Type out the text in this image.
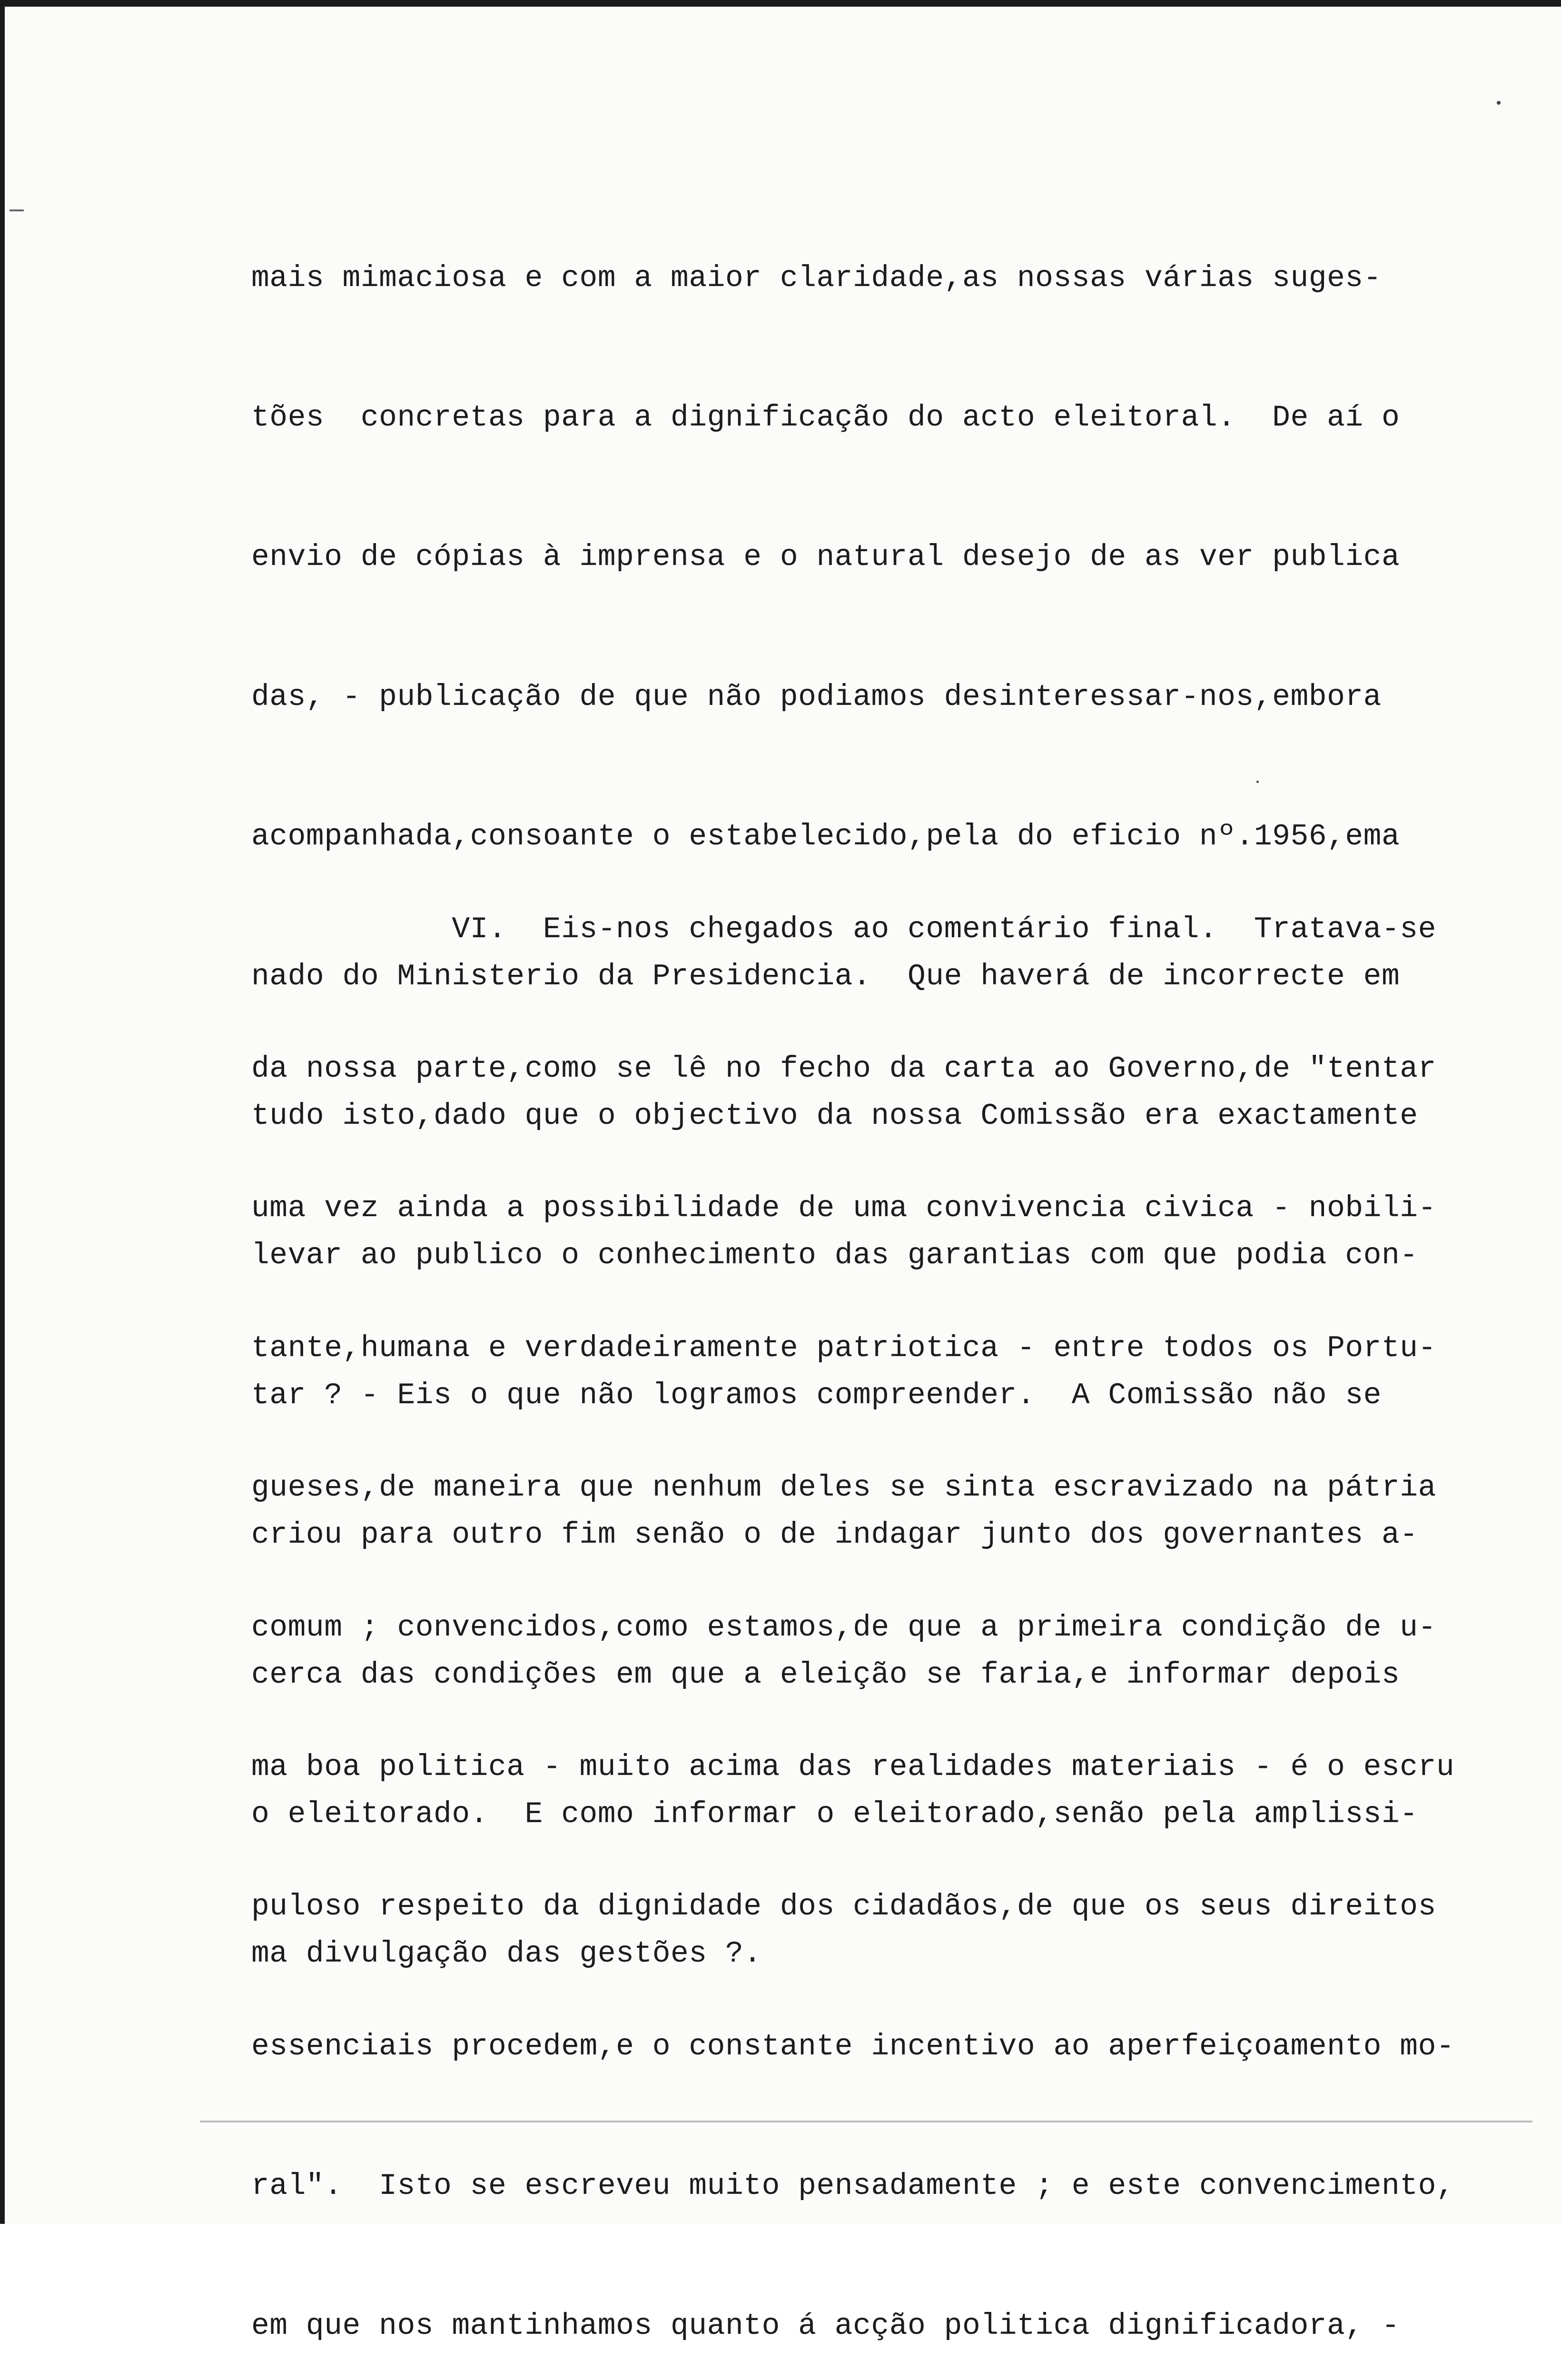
mais mimaciosa e com a maior claridade,as nossas várias suges-

tões  concretas para a dignificação do acto eleitoral.  De aí o

envio de cópias à imprensa e o natural desejo de as ver publica

das, - publicação de que não podiamos desinteressar-nos,embora

acompanhada,consoante o estabelecido,pela do eficio nº.1956,ema

nado do Ministerio da Presidencia.  Que haverá de incorrecte em

tudo isto,dado que o objectivo da nossa Comissão era exactamente

levar ao publico o conhecimento das garantias com que podia con-

tar ? - Eis o que não logramos compreender.  A Comissão não se

criou para outro fim senão o de indagar junto dos governantes a-

cerca das condições em que a eleição se faria,e informar depois

o eleitorado.  E como informar o eleitorado,senão pela amplissi-

ma divulgação das gestões ?.

VI.  Eis-nos chegados ao comentário final.  Tratava-se

da nossa parte,como se lê no fecho da carta ao Governo,de "tentar

uma vez ainda a possibilidade de uma convivencia civica - nobili-

tante,humana e verdadeiramente patriotica - entre todos os Portu-

gueses,de maneira que nenhum deles se sinta escravizado na pátria

comum ; convencidos,como estamos,de que a primeira condição de u-

ma boa politica - muito acima das realidades materiais - é o escru

puloso respeito da dignidade dos cidadãos,de que os seus direitos

essenciais procedem,e o constante incentivo ao aperfeiçoamento mo-

ral".  Isto se escreveu muito pensadamente ; e este convencimento,

em que nos mantinhamos quanto á acção politica dignificadora, -
